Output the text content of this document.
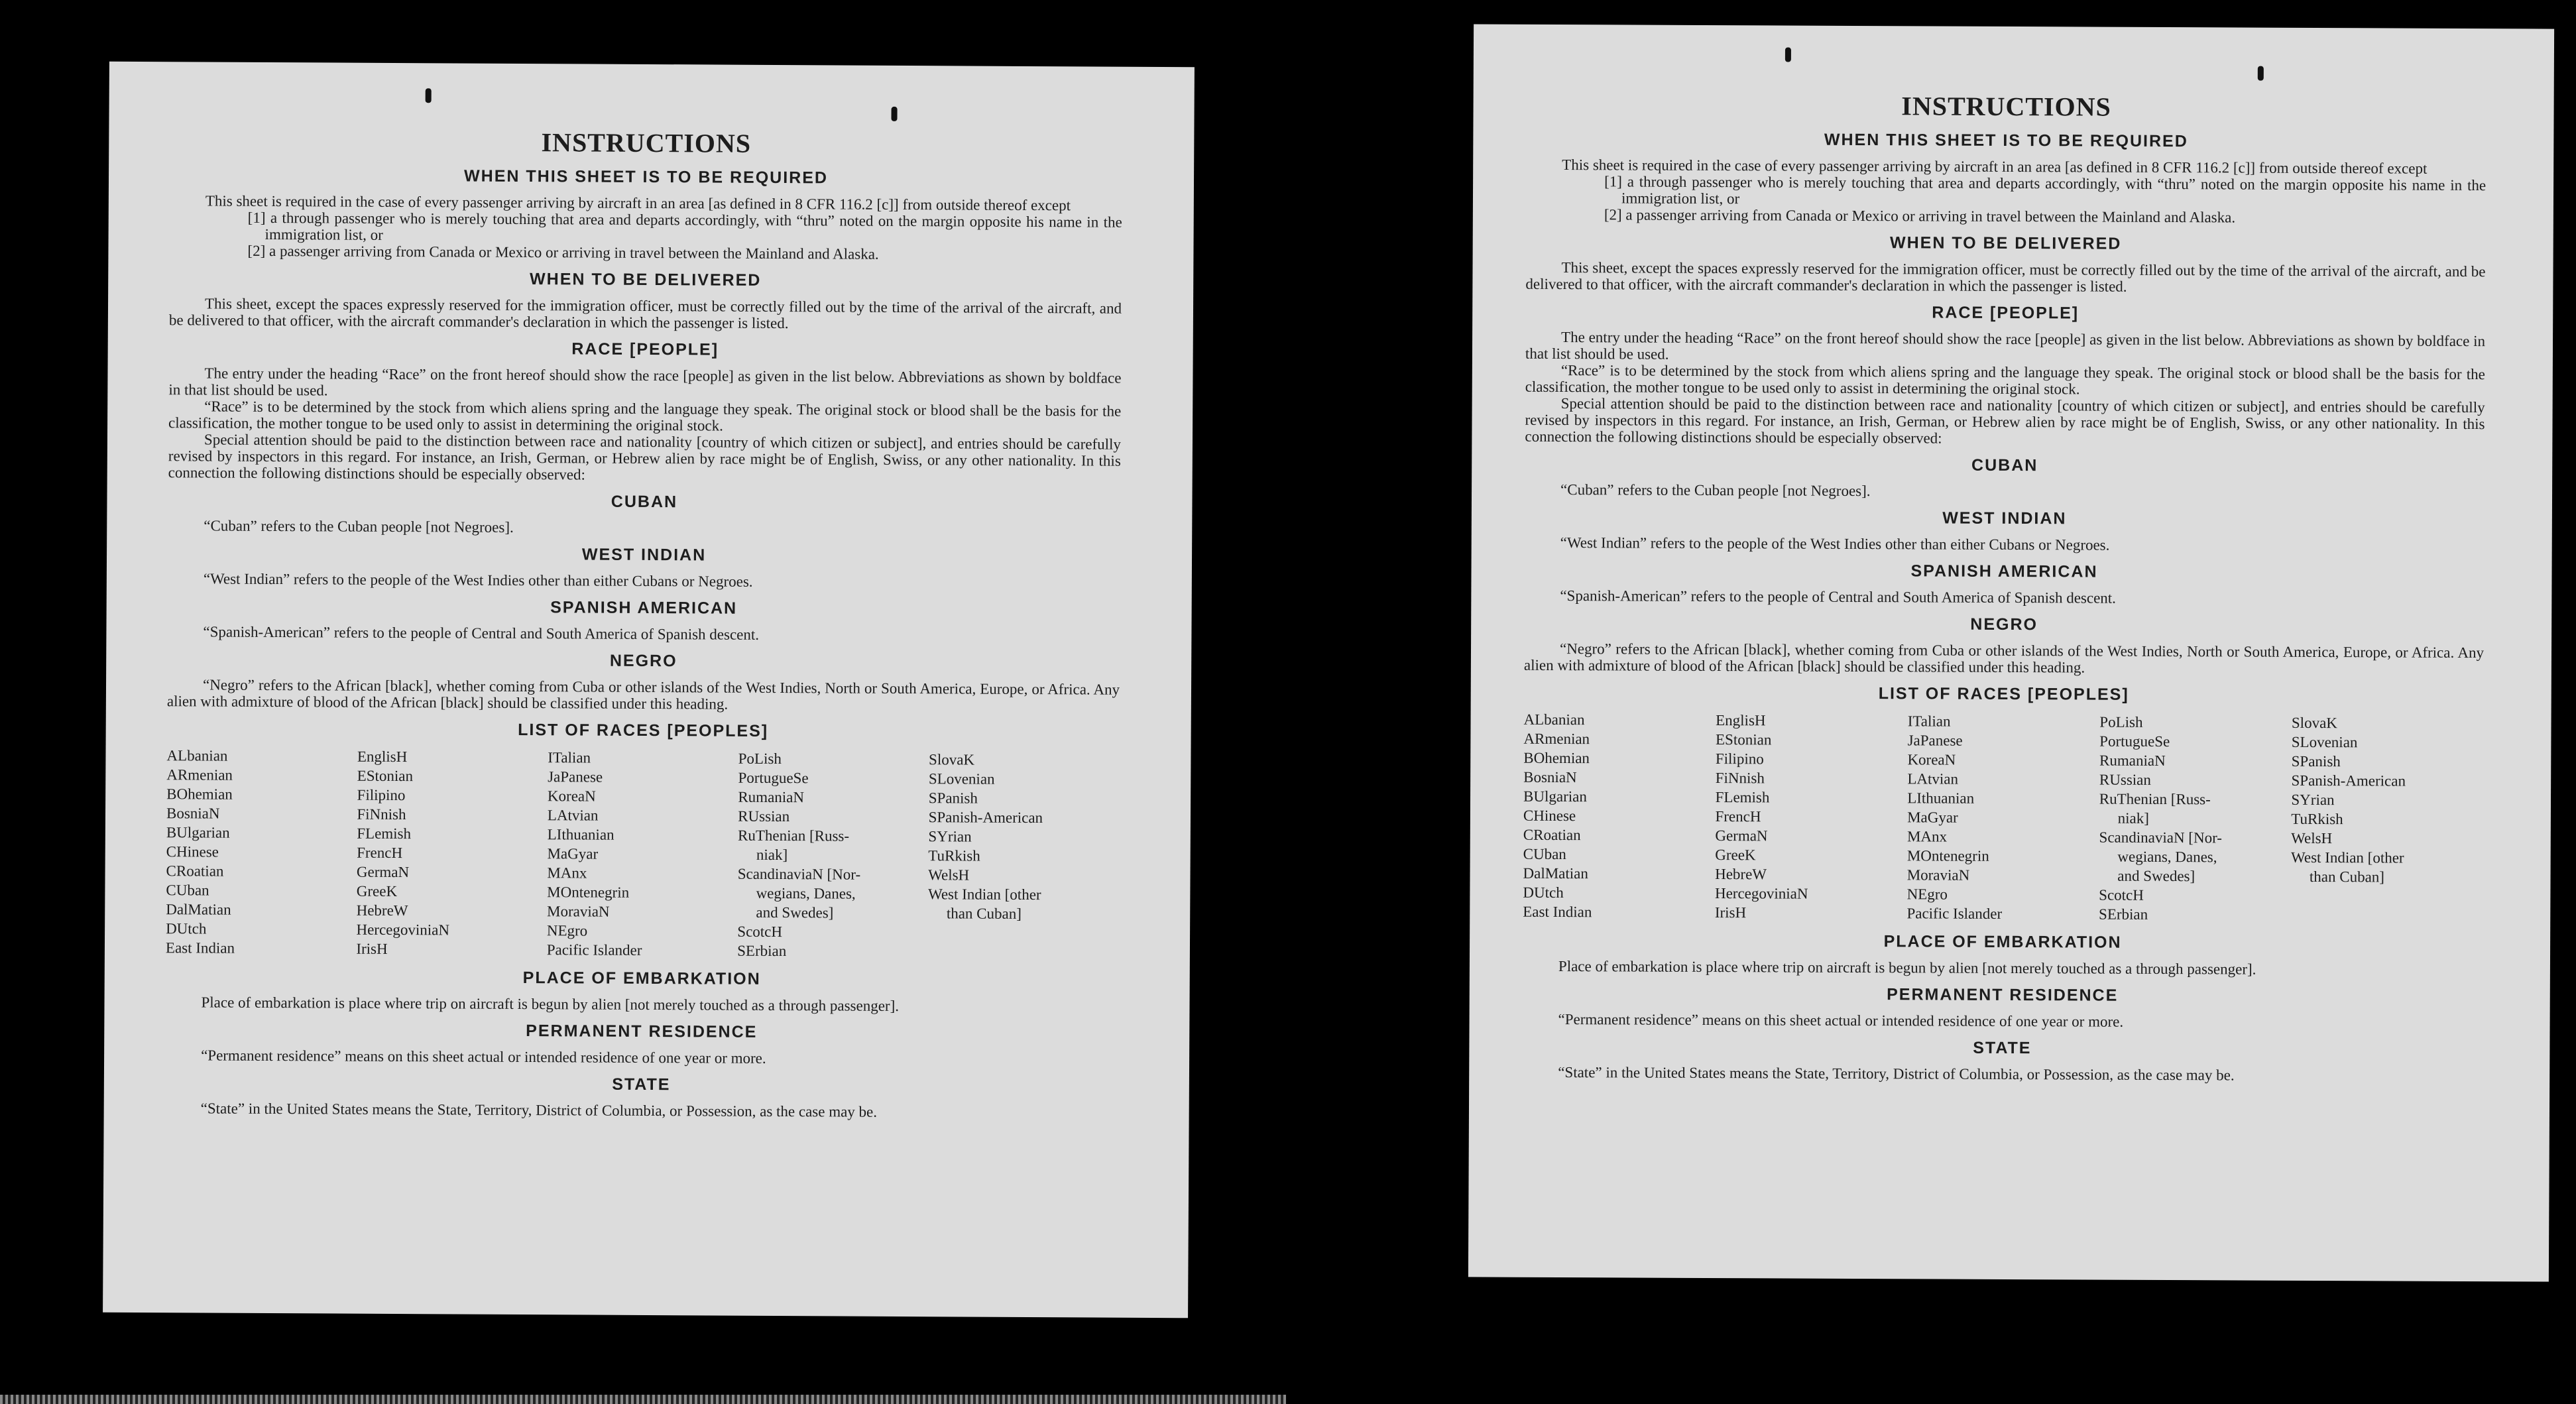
INSTRUCTIONS
WHEN THIS SHEET IS TO BE REQUIRED

This sheet is required in the case of every passenger arriving by aircraft in an area [as defined in 8 CFR 116.2 [c]] from outside thereof except

[1] a through passenger who is merely touching that area and departs accordingly, with “thru” noted on the margin opposite his name in the immigration list, or

[2] a passenger arriving from Canada or Mexico or arriving in travel between the Mainland and Alaska.

WHEN TO BE DELIVERED

This sheet, except the spaces expressly reserved for the immigration officer, must be correctly filled out by the time of the arrival of the aircraft, and be delivered to that officer, with the aircraft commander's declaration in which the passenger is listed.

RACE [PEOPLE]

The entry under the heading “Race” on the front hereof should show the race [people] as given in the list below. Abbreviations as shown by boldface in that list should be used.

“Race” is to be determined by the stock from which aliens spring and the language they speak. The original stock or blood shall be the basis for the classification, the mother tongue to be used only to assist in determining the original stock.

Special attention should be paid to the distinction between race and nationality [country of which citizen or subject], and entries should be carefully revised by inspectors in this regard. For instance, an Irish, German, or Hebrew alien by race might be of English, Swiss, or any other nationality. In this connection the following distinctions should be especially observed:

CUBAN

“Cuban” refers to the Cuban people [not Negroes].

WEST INDIAN

“West Indian” refers to the people of the West Indies other than either Cubans or Negroes.

SPANISH AMERICAN

“Spanish-American” refers to the people of Central and South America of Spanish descent.

NEGRO

“Negro” refers to the African [black], whether coming from Cuba or other islands of the West Indies, North or South America, Europe, or Africa. Any alien with admixture of blood of the African [black] should be classified under this heading.

LIST OF RACES [PEOPLES]
ALbanian
ARmenian
BOhemian
BosniaN
BUlgarian
CHinese
CRoatian
CUban
DalMatian
DUtch
East Indian
EnglisH
EStonian
Filipino
FiNnish
FLemish
FrencH
GermaN
GreeK
HebreW
HercegoviniaN
IrisH
ITalian
JaPanese
KoreaN
LAtvian
LIthuanian
MaGyar
MAnx
MOntenegrin
MoraviaN
NEgro
Pacific Islander
PoLish
PortugueSe
RumaniaN
RUssian
RuThenian [Russ-
niak]
ScandinaviaN [Nor-
wegians, Danes,
and Swedes]
ScotcH
SErbian
SlovaK
SLovenian
SPanish
SPanish-American
SYrian
TuRkish
WelsH
West Indian [other
than Cuban]
PLACE OF EMBARKATION

Place of embarkation is place where trip on aircraft is begun by alien [not merely touched as a through passenger].

PERMANENT RESIDENCE

“Permanent residence” means on this sheet actual or intended residence of one year or more.

STATE

“State” in the United States means the State, Territory, District of Columbia, or Possession, as the case may be.

INSTRUCTIONS
WHEN THIS SHEET IS TO BE REQUIRED

This sheet is required in the case of every passenger arriving by aircraft in an area [as defined in 8 CFR 116.2 [c]] from outside thereof except

[1] a through passenger who is merely touching that area and departs accordingly, with “thru” noted on the margin opposite his name in the immigration list, or

[2] a passenger arriving from Canada or Mexico or arriving in travel between the Mainland and Alaska.

WHEN TO BE DELIVERED

This sheet, except the spaces expressly reserved for the immigration officer, must be correctly filled out by the time of the arrival of the aircraft, and be delivered to that officer, with the aircraft commander's declaration in which the passenger is listed.

RACE [PEOPLE]

The entry under the heading “Race” on the front hereof should show the race [people] as given in the list below. Abbreviations as shown by boldface in that list should be used.

“Race” is to be determined by the stock from which aliens spring and the language they speak. The original stock or blood shall be the basis for the classification, the mother tongue to be used only to assist in determining the original stock.

Special attention should be paid to the distinction between race and nationality [country of which citizen or subject], and entries should be carefully revised by inspectors in this regard. For instance, an Irish, German, or Hebrew alien by race might be of English, Swiss, or any other nationality. In this connection the following distinctions should be especially observed:

CUBAN

“Cuban” refers to the Cuban people [not Negroes].

WEST INDIAN

“West Indian” refers to the people of the West Indies other than either Cubans or Negroes.

SPANISH AMERICAN

“Spanish-American” refers to the people of Central and South America of Spanish descent.

NEGRO

“Negro” refers to the African [black], whether coming from Cuba or other islands of the West Indies, North or South America, Europe, or Africa. Any alien with admixture of blood of the African [black] should be classified under this heading.

LIST OF RACES [PEOPLES]
ALbanian
ARmenian
BOhemian
BosniaN
BUlgarian
CHinese
CRoatian
CUban
DalMatian
DUtch
East Indian
EnglisH
EStonian
Filipino
FiNnish
FLemish
FrencH
GermaN
GreeK
HebreW
HercegoviniaN
IrisH
ITalian
JaPanese
KoreaN
LAtvian
LIthuanian
MaGyar
MAnx
MOntenegrin
MoraviaN
NEgro
Pacific Islander
PoLish
PortugueSe
RumaniaN
RUssian
RuThenian [Russ-
niak]
ScandinaviaN [Nor-
wegians, Danes,
and Swedes]
ScotcH
SErbian
SlovaK
SLovenian
SPanish
SPanish-American
SYrian
TuRkish
WelsH
West Indian [other
than Cuban]
PLACE OF EMBARKATION

Place of embarkation is place where trip on aircraft is begun by alien [not merely touched as a through passenger].

PERMANENT RESIDENCE

“Permanent residence” means on this sheet actual or intended residence of one year or more.

STATE

“State” in the United States means the State, Territory, District of Columbia, or Possession, as the case may be.
